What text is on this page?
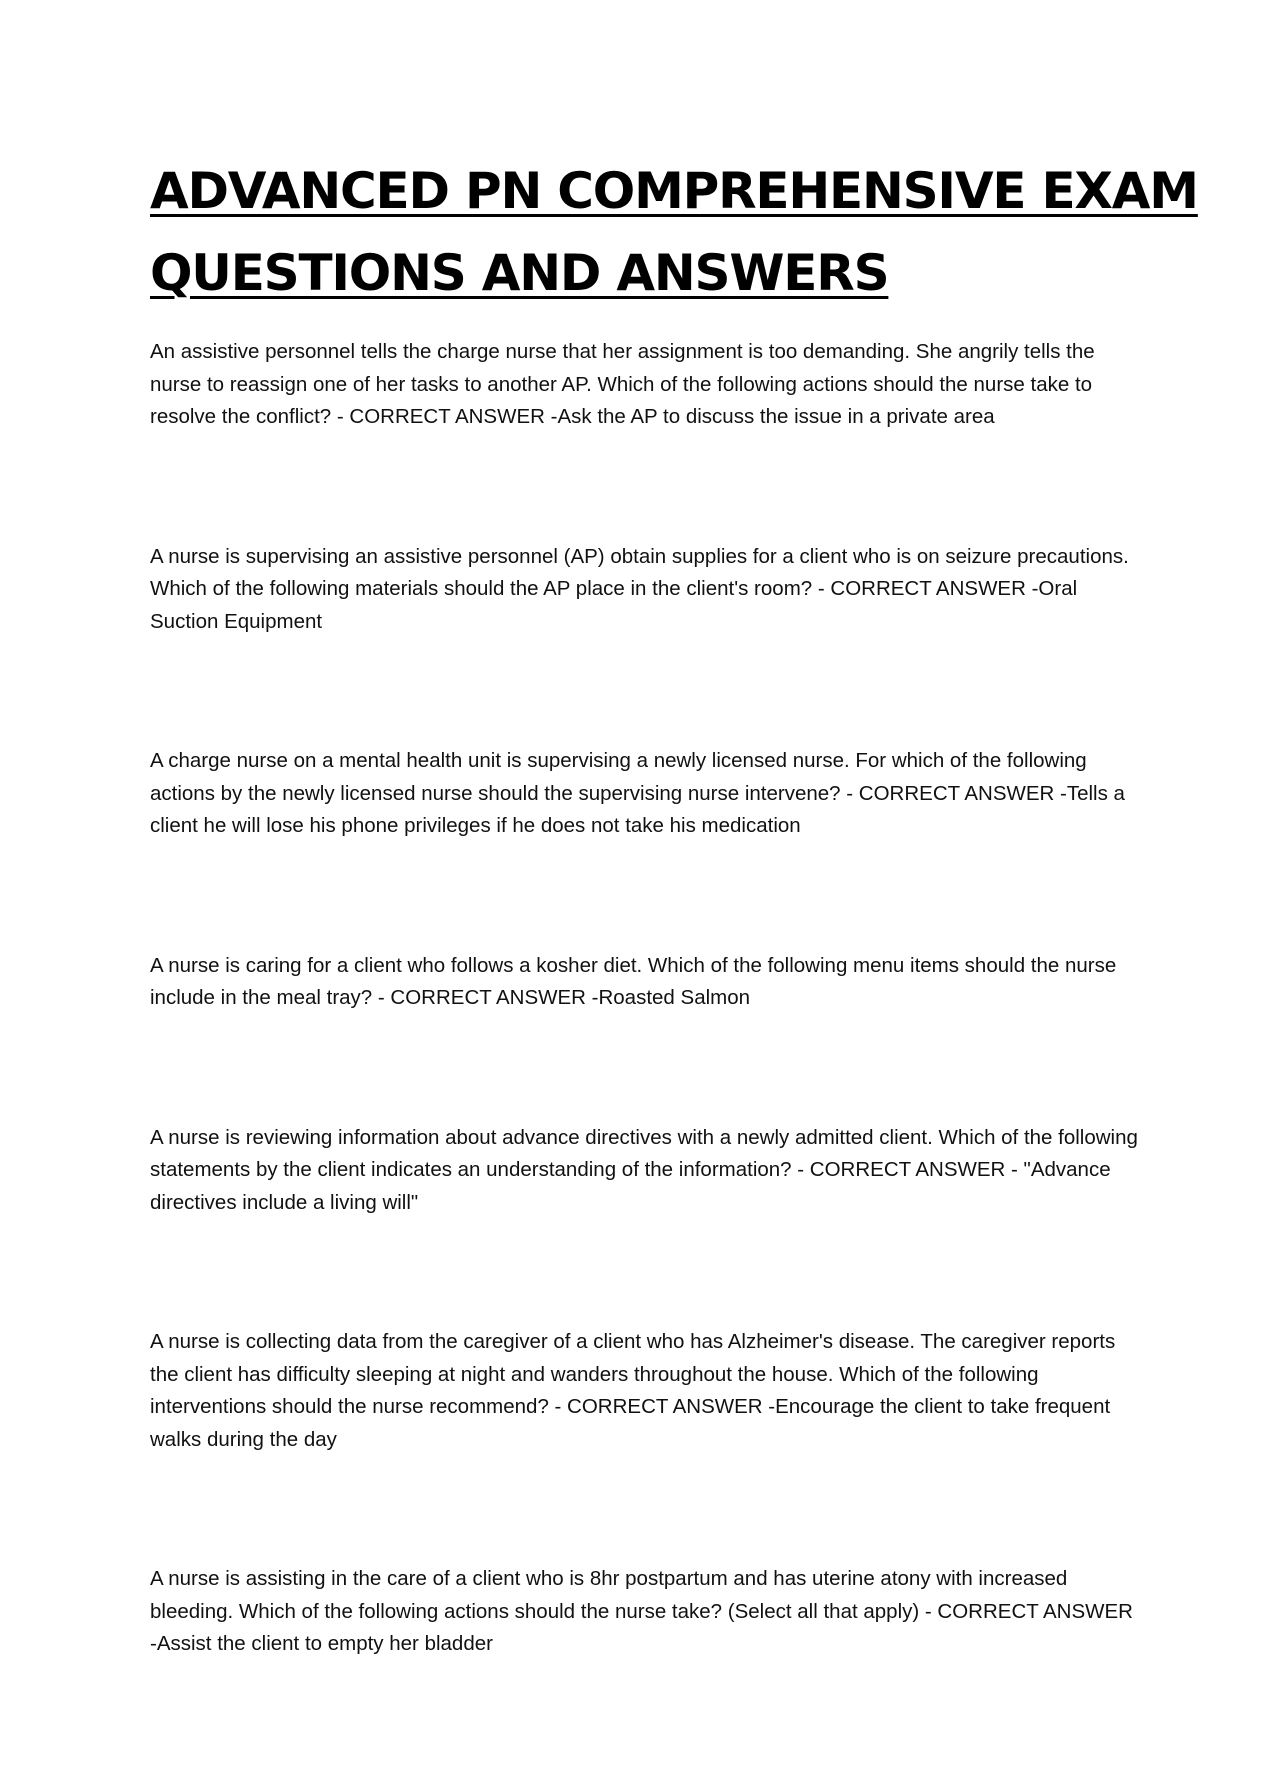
ADVANCED PN COMPREHENSIVE EXAM
QUESTIONS AND ANSWERS

An assistive personnel tells the charge nurse that her assignment is too demanding. She angrily tells the nurse to reassign one of her tasks to another AP. Which of the following actions should the nurse take to resolve the conflict? - CORRECT ANSWER -Ask the AP to discuss the issue in a private area

A nurse is supervising an assistive personnel (AP) obtain supplies for a client who is on seizure precautions. Which of the following materials should the AP place in the client's room? - CORRECT ANSWER -Oral Suction Equipment

A charge nurse on a mental health unit is supervising a newly licensed nurse. For which of the following actions by the newly licensed nurse should the supervising nurse intervene? - CORRECT ANSWER -Tells a client he will lose his phone privileges if he does not take his medication

A nurse is caring for a client who follows a kosher diet. Which of the following menu items should the nurse include in the meal tray? - CORRECT ANSWER -Roasted Salmon

A nurse is reviewing information about advance directives with a newly admitted client. Which of the following statements by the client indicates an understanding of the information? - CORRECT ANSWER - "Advance directives include a living will"

A nurse is collecting data from the caregiver of a client who has Alzheimer's disease. The caregiver reports the client has difficulty sleeping at night and wanders throughout the house. Which of the following interventions should the nurse recommend? - CORRECT ANSWER -Encourage the client to take frequent walks during the day

A nurse is assisting in the care of a client who is 8hr postpartum and has uterine atony with increased bleeding. Which of the following actions should the nurse take? (Select all that apply) - CORRECT ANSWER -Assist the client to empty her bladder
